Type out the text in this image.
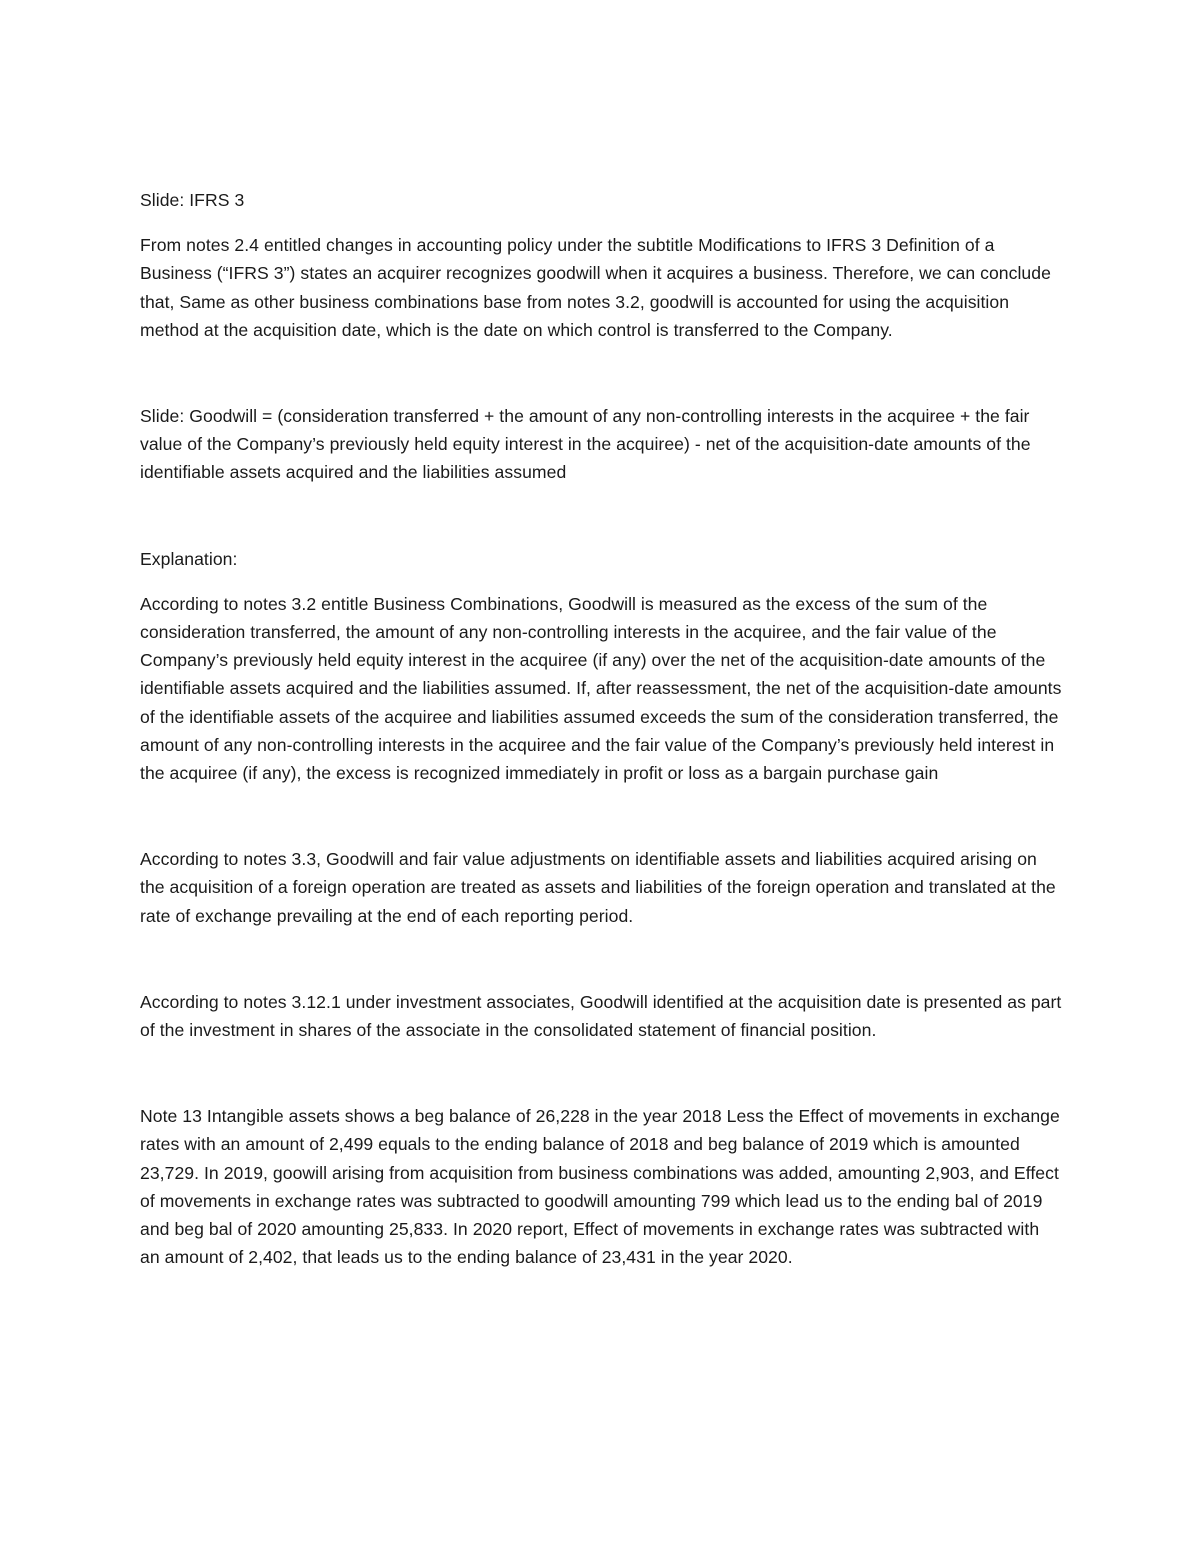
Slide: IFRS 3

From notes 2.4 entitled changes in accounting policy under the subtitle Modifications to IFRS 3 Definition of a Business (“IFRS 3”) states an acquirer recognizes goodwill when it acquires a business. Therefore, we can conclude that, Same as other business combinations base from notes 3.2, goodwill is accounted for using the acquisition method at the acquisition date, which is the date on which control is transferred to the Company.

Slide: Goodwill = (consideration transferred + the amount of any non-controlling interests in the acquiree + the fair value of the Company’s previously held equity interest in the acquiree) - net of the acquisition-date amounts of the identifiable assets acquired and the liabilities assumed

Explanation:

According to notes 3.2 entitle Business Combinations, Goodwill is measured as the excess of the sum of the consideration transferred, the amount of any non-controlling interests in the acquiree, and the fair value of the Company’s previously held equity interest in the acquiree (if any) over the net of the acquisition-date amounts of the identifiable assets acquired and the liabilities assumed. If, after reassessment, the net of the acquisition-date amounts of the identifiable assets of the acquiree and liabilities assumed exceeds the sum of the consideration transferred, the amount of any non-controlling interests in the acquiree and the fair value of the Company’s previously held interest in the acquiree (if any), the excess is recognized immediately in profit or loss as a bargain purchase gain

According to notes 3.3, Goodwill and fair value adjustments on identifiable assets and liabilities acquired arising on the acquisition of a foreign operation are treated as assets and liabilities of the foreign operation and translated at the rate of exchange prevailing at the end of each reporting period.

According to notes 3.12.1 under investment associates, Goodwill identified at the acquisition date is presented as part of the investment in shares of the associate in the consolidated statement of financial position.

Note 13 Intangible assets shows a beg balance of 26,228 in the year 2018 Less the Effect of movements in exchange rates with an amount of 2,499 equals to the ending balance of 2018 and beg balance of 2019 which is amounted 23,729. In 2019, goowill arising from acquisition from business combinations was added, amounting 2,903, and Effect of movements in exchange rates was subtracted to goodwill amounting 799 which lead us to the ending bal of 2019 and beg bal of 2020 amounting 25,833. In 2020 report, Effect of movements in exchange rates was subtracted with an amount of 2,402, that leads us to the ending balance of 23,431 in the year 2020.
